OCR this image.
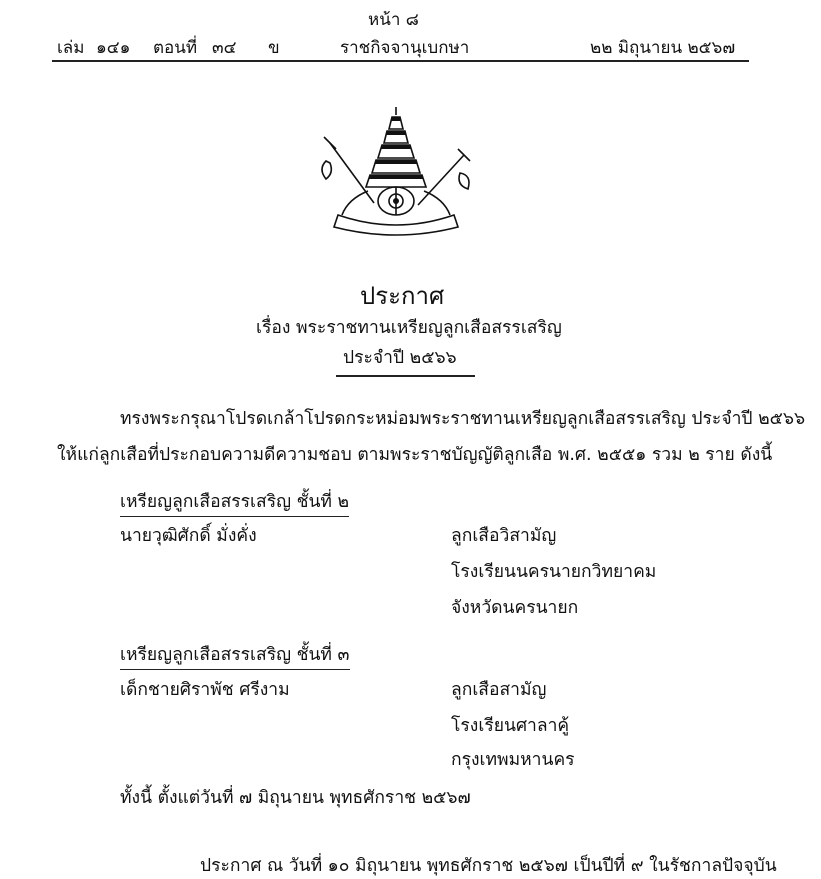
หน้า ๘
เล่ม ๑๔๑ ตอนที่ ๓๔ ข	ราชกิจจานุเบกษา	๒๒ มิถุนายน ๒๕๖๗
ประกาศ
เรื่อง พระราชทานเหรียญลูกเสือสรรเสริญ
ประจำปี ๒๕๖๖
ทรงพระกรุณาโปรดเกล้าโปรดกระหม่อมพระราชทานเหรียญลูกเสือสรรเสริญ ประจำปี ๒๕๖๖
ให้แก่ลูกเสือที่ประกอบความดีความชอบ ตามพระราชบัญญัติลูกเสือ พ.ศ. ๒๕๕๑ รวม ๒ ราย ดังนี้
เหรียญลูกเสือสรรเสริญ ชั้นที่ ๒
นายวุฒิศักดิ์ มั่งคั่ง	ลูกเสือวิสามัญ
โรงเรียนนครนายกวิทยาคม
จังหวัดนครนายก
เหรียญลูกเสือสรรเสริญ ชั้นที่ ๓
เด็กชายศิราพัช ศรีงาม	ลูกเสือสามัญ
โรงเรียนศาลาคู้
กรุงเทพมหานคร
ทั้งนี้ ตั้งแต่วันที่ ๗ มิถุนายน พุทธศักราช ๒๕๖๗
ประกาศ ณ วันที่ ๑๐ มิถุนายน พุทธศักราช ๒๕๖๗ เป็นปีที่ ๙ ในรัชกาลปัจจุบัน
